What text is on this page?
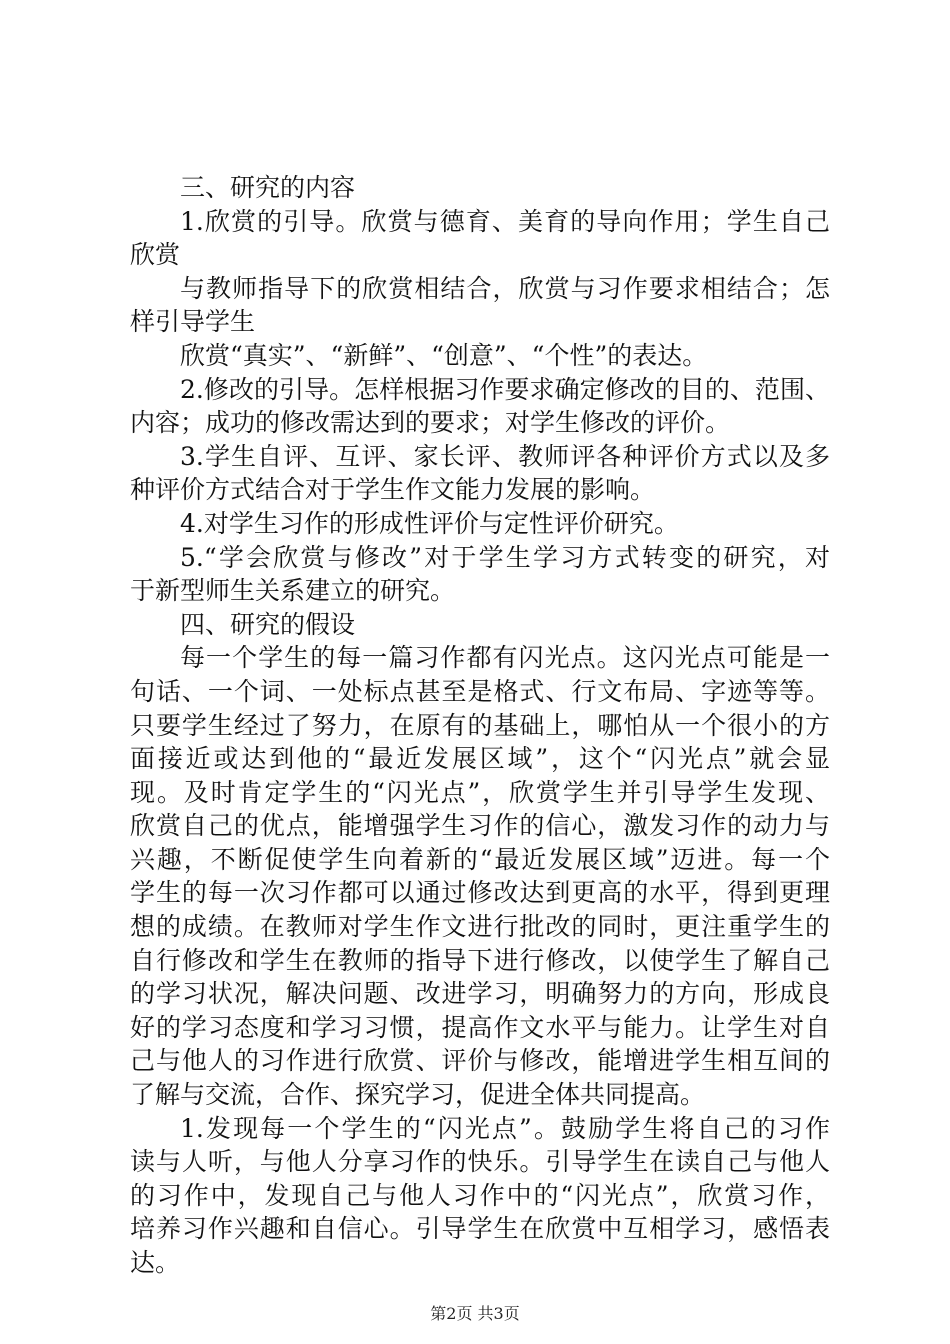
三、研究的内容
1.欣赏的引导。欣赏与德育、美育的导向作用；学生自己
欣赏
与教师指导下的欣赏相结合，欣赏与习作要求相结合；怎
样引导学生
欣赏“真实”、“新鲜”、“创意”、“个性”的表达。
2.修改的引导。怎样根据习作要求确定修改的目的、范围、
内容；成功的修改需达到的要求；对学生修改的评价。
3.学生自评、互评、家长评、教师评各种评价方式以及多
种评价方式结合对于学生作文能力发展的影响。
4.对学生习作的形成性评价与定性评价研究。
5.“学会欣赏与修改”对于学生学习方式转变的研究，对
于新型师生关系建立的研究。
四、研究的假设
每一个学生的每一篇习作都有闪光点。这闪光点可能是一
句话、一个词、一处标点甚至是格式、行文布局、字迹等等。
只要学生经过了努力，在原有的基础上，哪怕从一个很小的方
面接近或达到他的“最近发展区域”，这个“闪光点”就会显
现。及时肯定学生的“闪光点”，欣赏学生并引导学生发现、
欣赏自己的优点，能增强学生习作的信心，激发习作的动力与
兴趣，不断促使学生向着新的“最近发展区域”迈进。每一个
学生的每一次习作都可以通过修改达到更高的水平，得到更理
想的成绩。在教师对学生作文进行批改的同时，更注重学生的
自行修改和学生在教师的指导下进行修改，以使学生了解自己
的学习状况，解决问题、改进学习，明确努力的方向，形成良
好的学习态度和学习习惯，提高作文水平与能力。让学生对自
己与他人的习作进行欣赏、评价与修改，能增进学生相互间的
了解与交流，合作、探究学习，促进全体共同提高。
1.发现每一个学生的“闪光点”。鼓励学生将自己的习作
读与人听，与他人分享习作的快乐。引导学生在读自己与他人
的习作中，发现自己与他人习作中的“闪光点”，欣赏习作，
培养习作兴趣和自信心。引导学生在欣赏中互相学习，感悟表
达。
第2页 共3页
